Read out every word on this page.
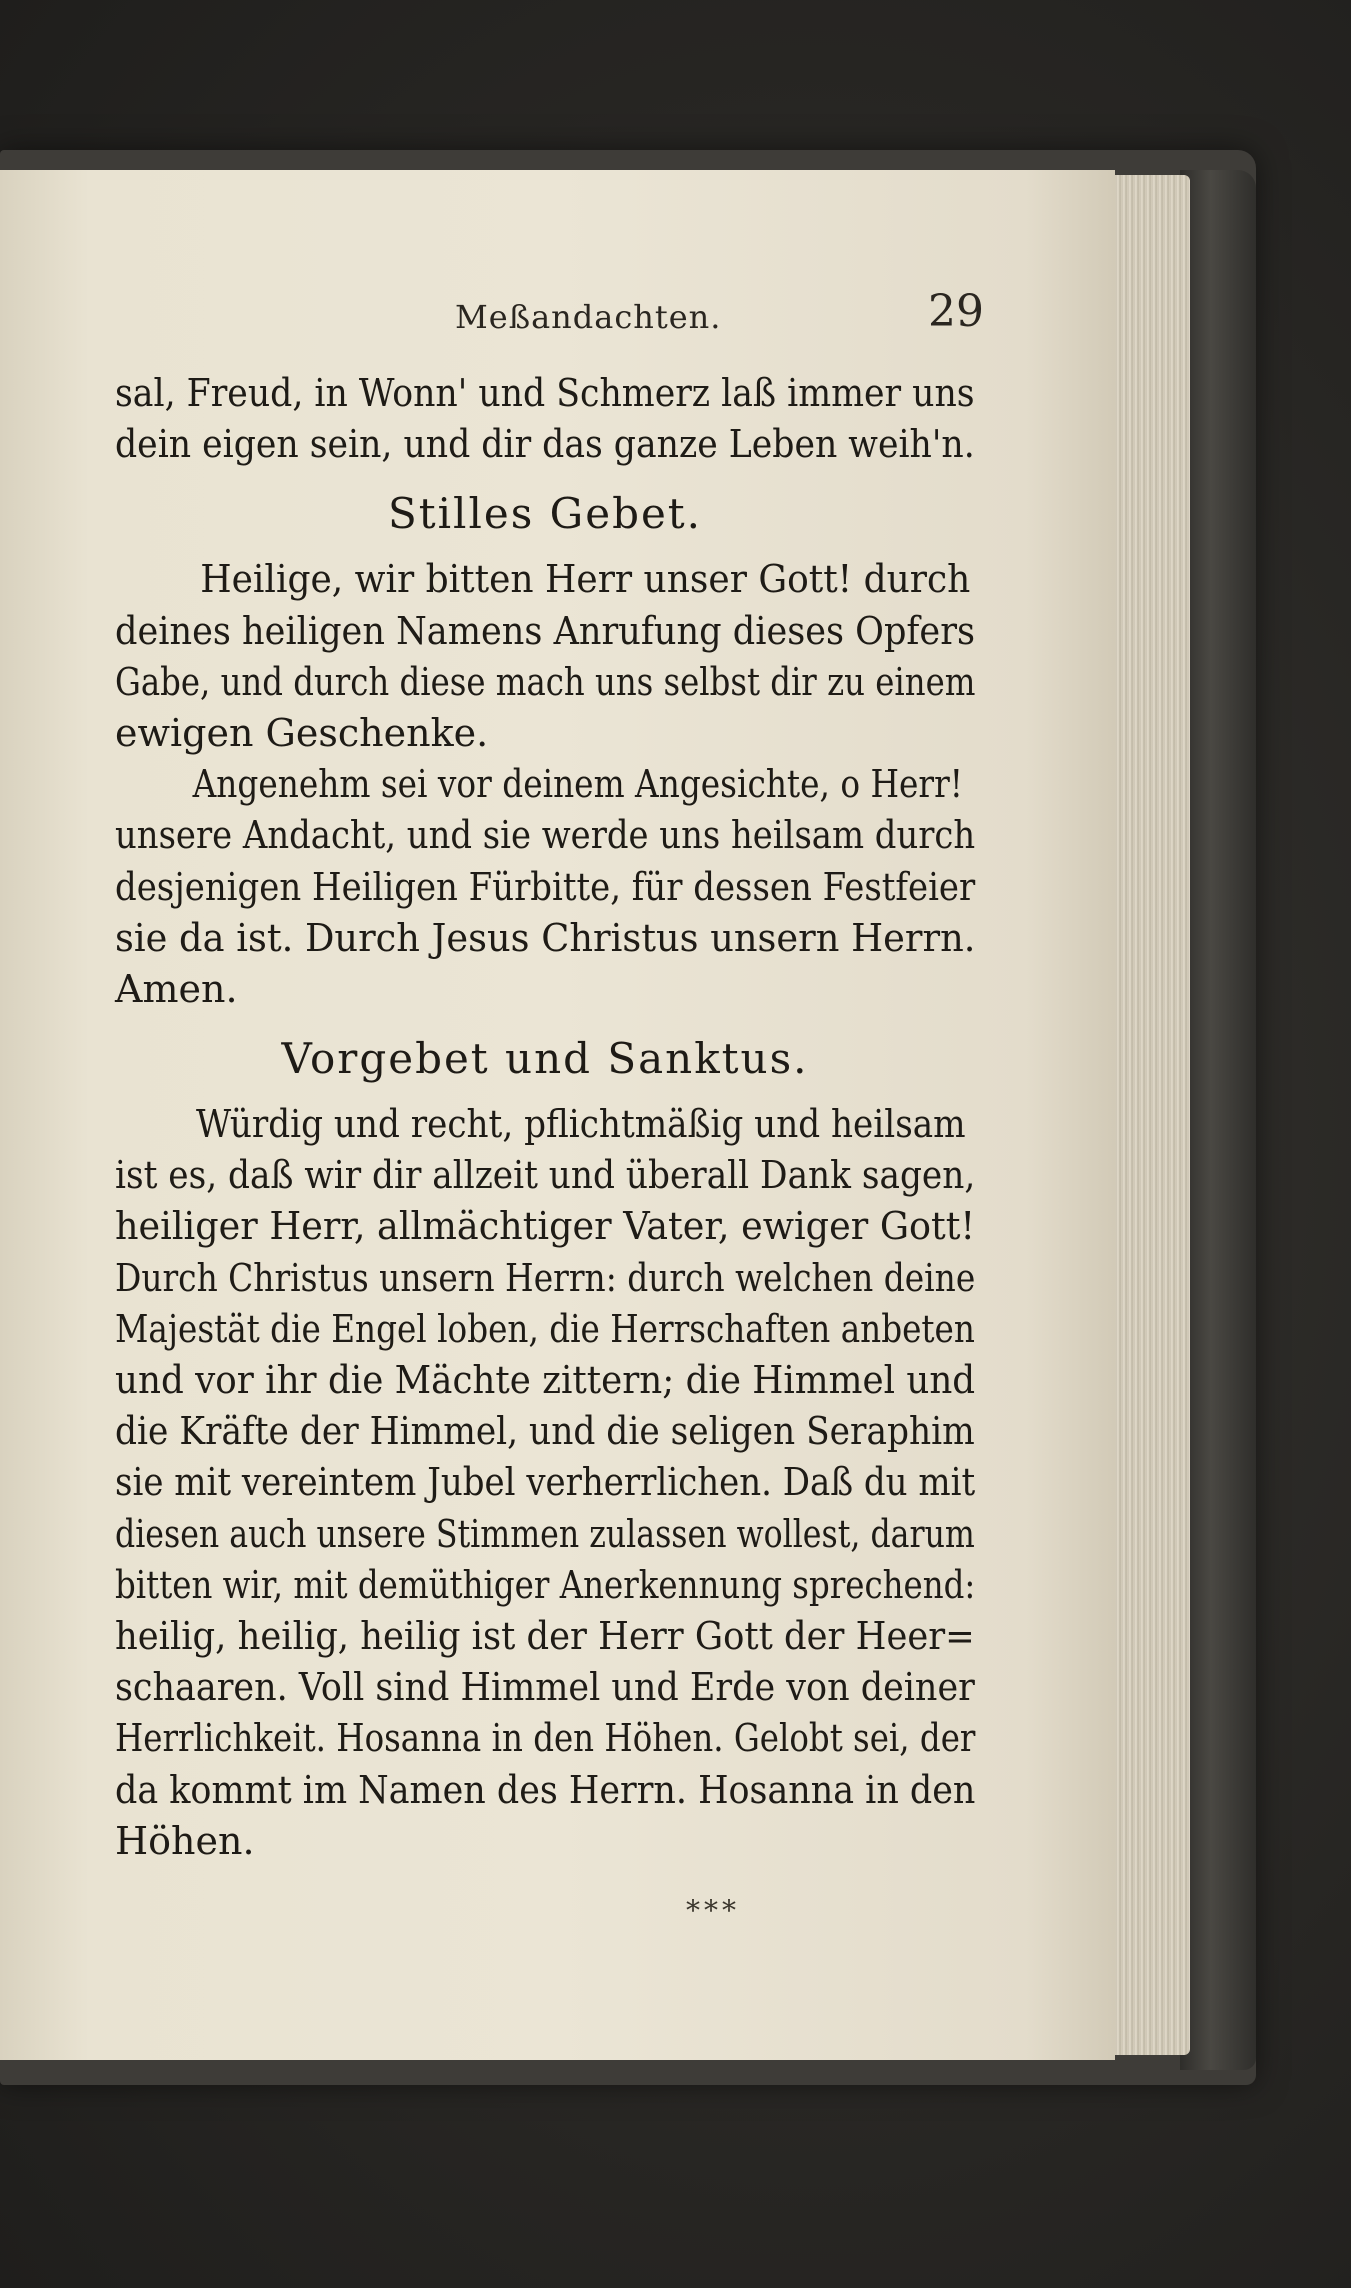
Meßandachten.	29
sal, Freud, in Wonn' und Schmerz laß immer uns
dein eigen sein, und dir das ganze Leben weih'n.
Stilles Gebet.
Heilige, wir bitten Herr unser Gott! durch
deines heiligen Namens Anrufung dieses Opfers
Gabe, und durch diese mach uns selbst dir zu einem
ewigen Geschenke.
Angenehm sei vor deinem Angesichte, o Herr!
unsere Andacht, und sie werde uns heilsam durch
desjenigen Heiligen Fürbitte, für dessen Festfeier
sie da ist. Durch Jesus Christus unsern Herrn.
Amen.
Vorgebet und Sanktus.
Würdig und recht, pflichtmäßig und heilsam
ist es, daß wir dir allzeit und überall Dank sagen,
heiliger Herr, allmächtiger Vater, ewiger Gott!
Durch Christus unsern Herrn: durch welchen deine
Majestät die Engel loben, die Herrschaften anbeten
und vor ihr die Mächte zittern; die Himmel und
die Kräfte der Himmel, und die seligen Seraphim
sie mit vereintem Jubel verherrlichen. Daß du mit
diesen auch unsere Stimmen zulassen wollest, darum
bitten wir, mit demüthiger Anerkennung sprechend:
heilig, heilig, heilig ist der Herr Gott der Heer=
schaaren. Voll sind Himmel und Erde von deiner
Herrlichkeit. Hosanna in den Höhen. Gelobt sei, der
da kommt im Namen des Herrn. Hosanna in den
Höhen.
***
